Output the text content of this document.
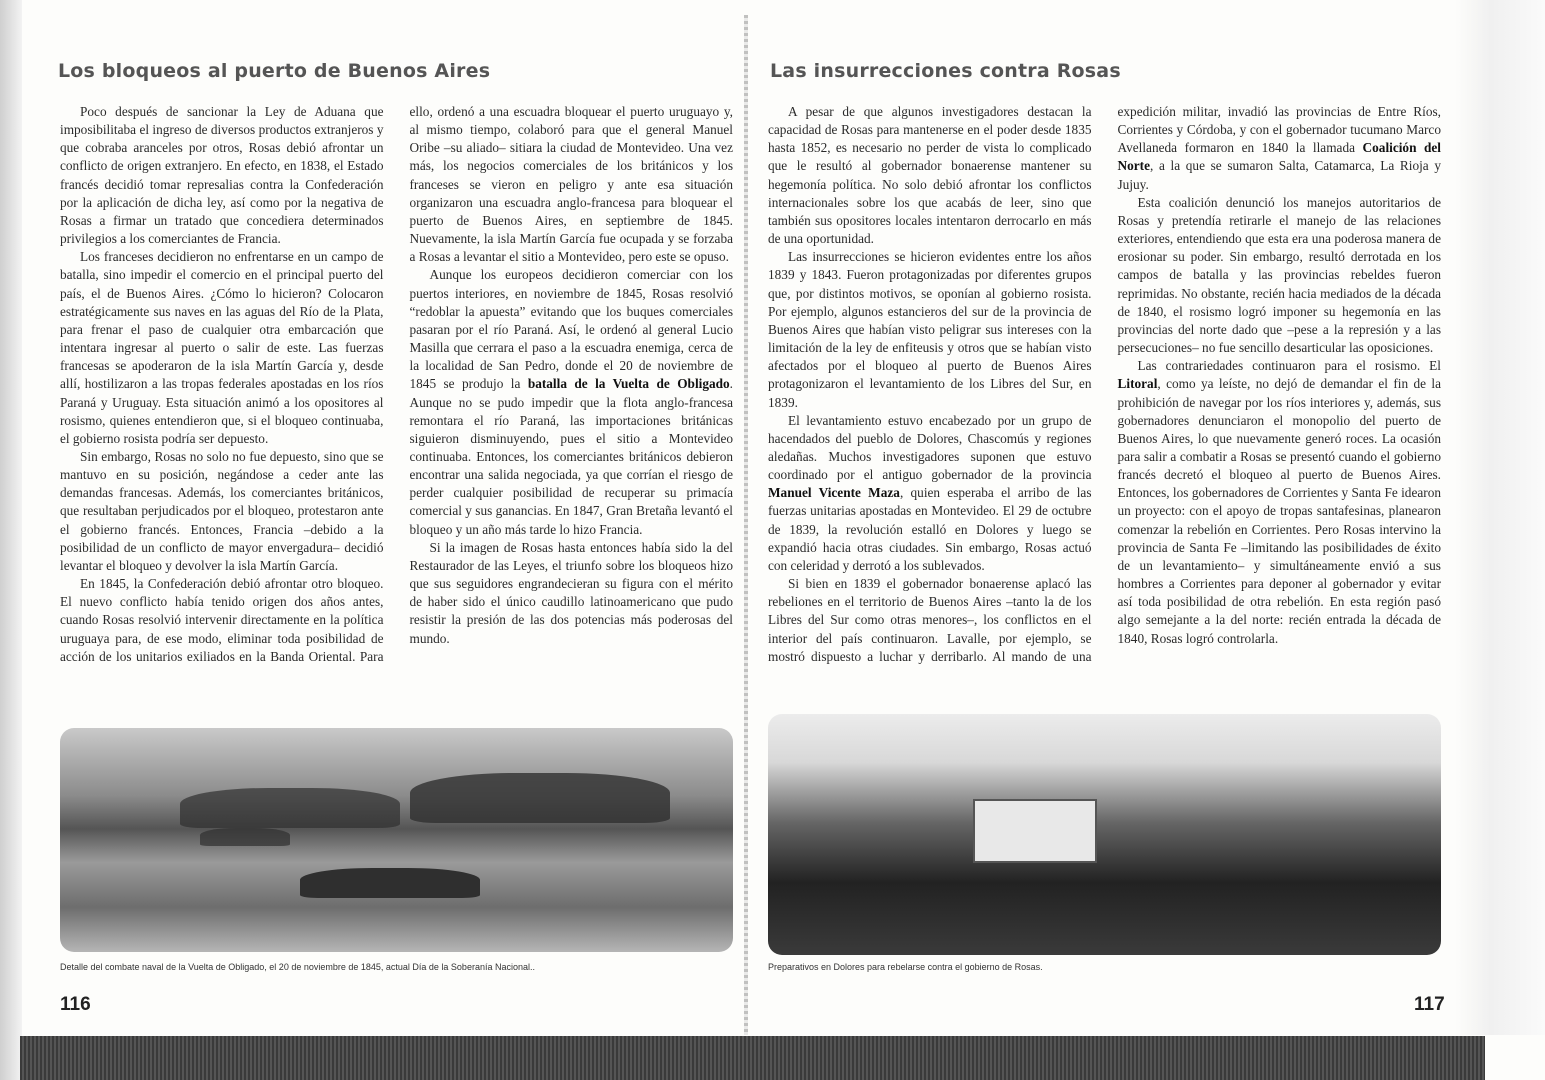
Los bloqueos al puerto de Buenos Aires

Poco después de sancionar la Ley de Aduana que imposibilitaba el ingreso de diversos productos extranjeros y que cobraba aranceles por otros, Rosas debió afrontar un conflicto de origen extranjero. En efecto, en 1838, el Estado francés decidió tomar represalias contra la Confederación por la aplicación de dicha ley, así como por la negativa de Rosas a firmar un tratado que concediera determinados privilegios a los comerciantes de Francia.

Los franceses decidieron no enfrentarse en un campo de batalla, sino impedir el comercio en el principal puerto del país, el de Buenos Aires. ¿Cómo lo hicieron? Colocaron estratégicamente sus naves en las aguas del Río de la Plata, para frenar el paso de cualquier otra embarcación que intentara ingresar al puerto o salir de este. Las fuerzas francesas se apoderaron de la isla Martín García y, desde allí, hostilizaron a las tropas federales apostadas en los ríos Paraná y Uruguay. Esta situación animó a los opositores al rosismo, quienes entendieron que, si el bloqueo continuaba, el gobierno rosista podría ser depuesto.

Sin embargo, Rosas no solo no fue depuesto, sino que se mantuvo en su posición, negándose a ceder ante las demandas francesas. Además, los comerciantes británicos, que resultaban perjudicados por el bloqueo, protestaron ante el gobierno francés. Entonces, Francia –debido a la posibilidad de un conflicto de mayor envergadura– decidió levantar el bloqueo y devolver la isla Martín García.

En 1845, la Confederación debió afrontar otro bloqueo. El nuevo conflicto había tenido origen dos años antes, cuando Rosas resolvió intervenir directamente en la política uruguaya para, de ese modo, eliminar toda posibilidad de acción de los unitarios exiliados en la Banda Oriental. Para ello, ordenó a una escuadra bloquear el puerto uruguayo y, al mismo tiempo, colaboró para que el general Manuel Oribe –su aliado– sitiara la ciudad de Montevideo. Una vez más, los negocios comerciales de los británicos y los franceses se vieron en peligro y ante esa situación organizaron una escuadra anglo-francesa para bloquear el puerto de Buenos Aires, en septiembre de 1845. Nuevamente, la isla Martín García fue ocupada y se forzaba a Rosas a levantar el sitio a Montevideo, pero este se opuso.

Aunque los europeos decidieron comerciar con los puertos interiores, en noviembre de 1845, Rosas resolvió “redoblar la apuesta” evitando que los buques comerciales pasaran por el río Paraná. Así, le ordenó al general Lucio Masilla que cerrara el paso a la escuadra enemiga, cerca de la localidad de San Pedro, donde el 20 de noviembre de 1845 se produjo la batalla de la Vuelta de Obligado. Aunque no se pudo impedir que la flota anglo-francesa remontara el río Paraná, las importaciones británicas siguieron disminuyendo, pues el sitio a Montevideo continuaba. Entonces, los comerciantes británicos debieron encontrar una salida negociada, ya que corrían el riesgo de perder cualquier posibilidad de recuperar su primacía comercial y sus ganancias. En 1847, Gran Bretaña levantó el bloqueo y un año más tarde lo hizo Francia.

Si la imagen de Rosas hasta entonces había sido la del Restaurador de las Leyes, el triunfo sobre los bloqueos hizo que sus seguidores engrandecieran su figura con el mérito de haber sido el único caudillo latinoamericano que pudo resistir la presión de las dos potencias más poderosas del mundo.

Detalle del combate naval de la Vuelta de Obligado, el 20 de noviembre de 1845, actual Día de la Soberanía Nacional..
116
Las insurrecciones contra Rosas

A pesar de que algunos investigadores destacan la capacidad de Rosas para mantenerse en el poder desde 1835 hasta 1852, es necesario no perder de vista lo complicado que le resultó al gobernador bonaerense mantener su hegemonía política. No solo debió afrontar los conflictos internacionales sobre los que acabás de leer, sino que también sus opositores locales intentaron derrocarlo en más de una oportunidad.

Las insurrecciones se hicieron evidentes entre los años 1839 y 1843. Fueron protagonizadas por diferentes grupos que, por distintos motivos, se oponían al gobierno rosista. Por ejemplo, algunos estancieros del sur de la provincia de Buenos Aires que habían visto peligrar sus intereses con la limitación de la ley de enfiteusis y otros que se habían visto afectados por el bloqueo al puerto de Buenos Aires protagonizaron el levantamiento de los Libres del Sur, en 1839.

El levantamiento estuvo encabezado por un grupo de hacendados del pueblo de Dolores, Chascomús y regiones aledañas. Muchos investigadores suponen que estuvo coordinado por el antiguo gobernador de la provincia Manuel Vicente Maza, quien esperaba el arribo de las fuerzas unitarias apostadas en Montevideo. El 29 de octubre de 1839, la revolución estalló en Dolores y luego se expandió hacia otras ciudades. Sin embargo, Rosas actuó con celeridad y derrotó a los sublevados.

Si bien en 1839 el gobernador bonaerense aplacó las rebeliones en el territorio de Buenos Aires –tanto la de los Libres del Sur como otras menores–, los conflictos en el interior del país continuaron. Lavalle, por ejemplo, se mostró dispuesto a luchar y derribarlo. Al mando de una expedición militar, invadió las provincias de Entre Ríos, Corrientes y Córdoba, y con el gobernador tucumano Marco Avellaneda formaron en 1840 la llamada Coalición del Norte, a la que se sumaron Salta, Catamarca, La Rioja y Jujuy.

Esta coalición denunció los manejos autoritarios de Rosas y pretendía retirarle el manejo de las relaciones exteriores, entendiendo que esta era una poderosa manera de erosionar su poder. Sin embargo, resultó derrotada en los campos de batalla y las provincias rebeldes fueron reprimidas. No obstante, recién hacia mediados de la década de 1840, el rosismo logró imponer su hegemonía en las provincias del norte dado que –pese a la represión y a las persecuciones– no fue sencillo desarticular las oposiciones.

Las contrariedades continuaron para el rosismo. El Litoral, como ya leíste, no dejó de demandar el fin de la prohibición de navegar por los ríos interiores y, además, sus gobernadores denunciaron el monopolio del puerto de Buenos Aires, lo que nuevamente generó roces. La ocasión para salir a combatir a Rosas se presentó cuando el gobierno francés decretó el bloqueo al puerto de Buenos Aires. Entonces, los gobernadores de Corrientes y Santa Fe idearon un proyecto: con el apoyo de tropas santafesinas, planearon comenzar la rebelión en Corrientes. Pero Rosas intervino la provincia de Santa Fe –limitando las posibilidades de éxito de un levantamiento– y simultáneamente envió a sus hombres a Corrientes para deponer al gobernador y evitar así toda posibilidad de otra rebelión. En esta región pasó algo semejante a la del norte: recién entrada la década de 1840, Rosas logró controlarla.

Preparativos en Dolores para rebelarse contra el gobierno de Rosas.
117
